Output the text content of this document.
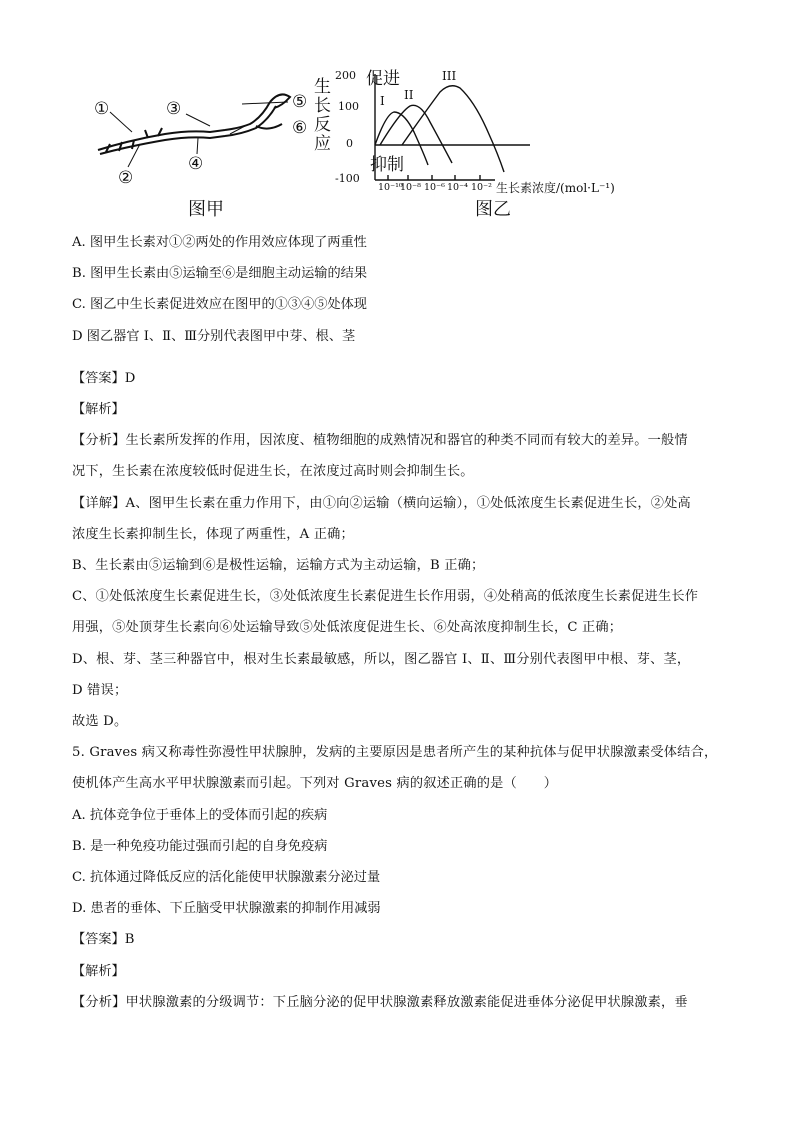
①
②
③
④
⑤
⑥
图甲
200
100
0
-100
生长反应
促进
抑制
10⁻¹⁰
10⁻⁸ 10⁻⁶ 10⁻⁴ 10⁻² 生长素浓度/(mol·L⁻¹)
I II
III
图乙
A. 图甲生长素对①②两处的作用效应体现了两重性
B. 图甲生长素由⑤运输至⑥是细胞主动运输的结果
C. 图乙中生长素促进效应在图甲的①③④⑤处体现
D 图乙器官 I、Ⅱ、Ⅲ分别代表图甲中芽、根、茎
【答案】D
【解析】
【分析】生长素所发挥的作用，因浓度、植物细胞的成熟情况和器官的种类不同而有较大的差异。一般情
况下，生长素在浓度较低时促进生长，在浓度过高时则会抑制生长。
【详解】A、图甲生长素在重力作用下，由①向②运输（横向运输），①处低浓度生长素促进生长，②处高
浓度生长素抑制生长，体现了两重性，A 正确；
B、生长素由⑤运输到⑥是极性运输，运输方式为主动运输，B 正确；
C、①处低浓度生长素促进生长，③处低浓度生长素促进生长作用弱，④处稍高的低浓度生长素促进生长作
用强，⑤处顶芽生长素向⑥处运输导致⑤处低浓度促进生长、⑥处高浓度抑制生长，C 正确；
D、根、芽、茎三种器官中，根对生长素最敏感，所以，图乙器官 I、Ⅱ、Ⅲ分别代表图甲中根、芽、茎，
D 错误；
故选 D。
5. Graves 病又称毒性弥漫性甲状腺肿，发病的主要原因是患者所产生的某种抗体与促甲状腺激素受体结合，
使机体产生高水平甲状腺激素而引起。下列对 Graves 病的叙述正确的是（　　）
A. 抗体竞争位于垂体上的受体而引起的疾病
B. 是一种免疫功能过强而引起的自身免疫病
C. 抗体通过降低反应的活化能使甲状腺激素分泌过量
D. 患者的垂体、下丘脑受甲状腺激素的抑制作用减弱
【答案】B
【解析】
【分析】甲状腺激素的分级调节：下丘脑分泌的促甲状腺激素释放激素能促进垂体分泌促甲状腺激素，垂
